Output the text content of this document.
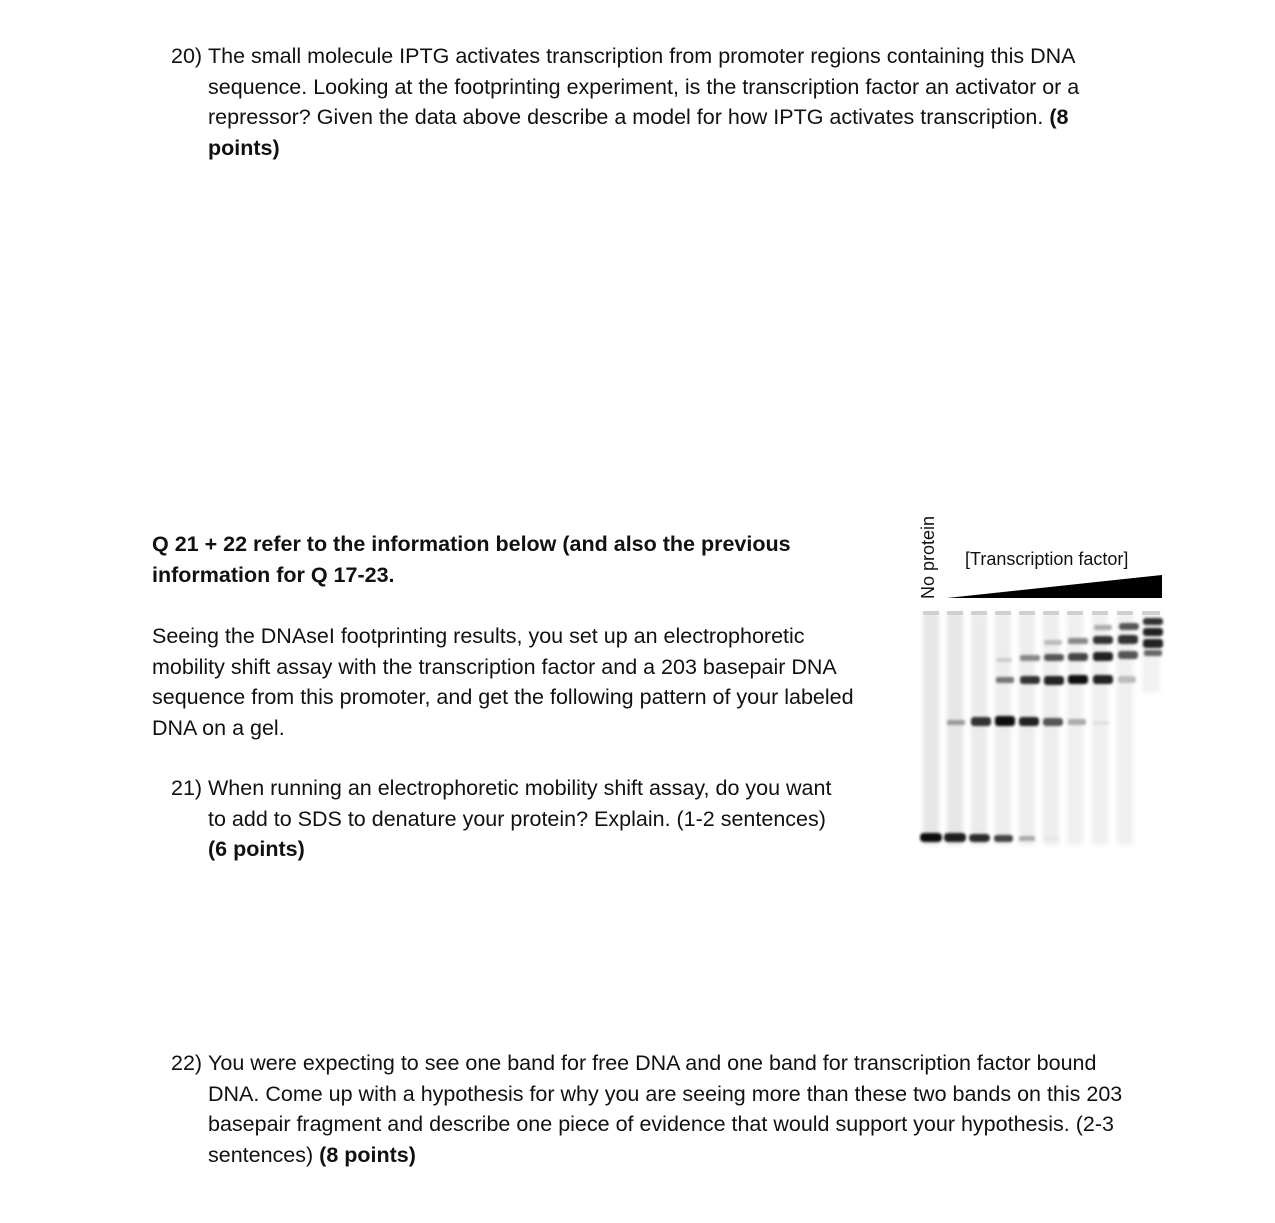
20) The small molecule IPTG activates transcription from promoter regions containing this DNA sequence. Looking at the footprinting experiment, is the transcription factor an activator or a repressor? Given the data above describe a model for how IPTG activates transcription. (8 points)

Q 21 + 22 refer to the information below (and also the previous information for Q 17-23.
Seeing the DNAseI footprinting results, you set up an electrophoretic mobility shift assay with the transcription factor and a 203 basepair DNA sequence from this promoter, and get the following pattern of your labeled DNA on a gel.
No protein [Transcription factor]
21) When running an electrophoretic mobility shift assay, do you want to add to SDS to denature your protein? Explain. (1-2 sentences) (6 points)

22) You were expecting to see one band for free DNA and one band for transcription factor bound DNA. Come up with a hypothesis for why you are seeing more than these two bands on this 203 basepair fragment and describe one piece of evidence that would support your hypothesis. (2-3 sentences) (8 points)
